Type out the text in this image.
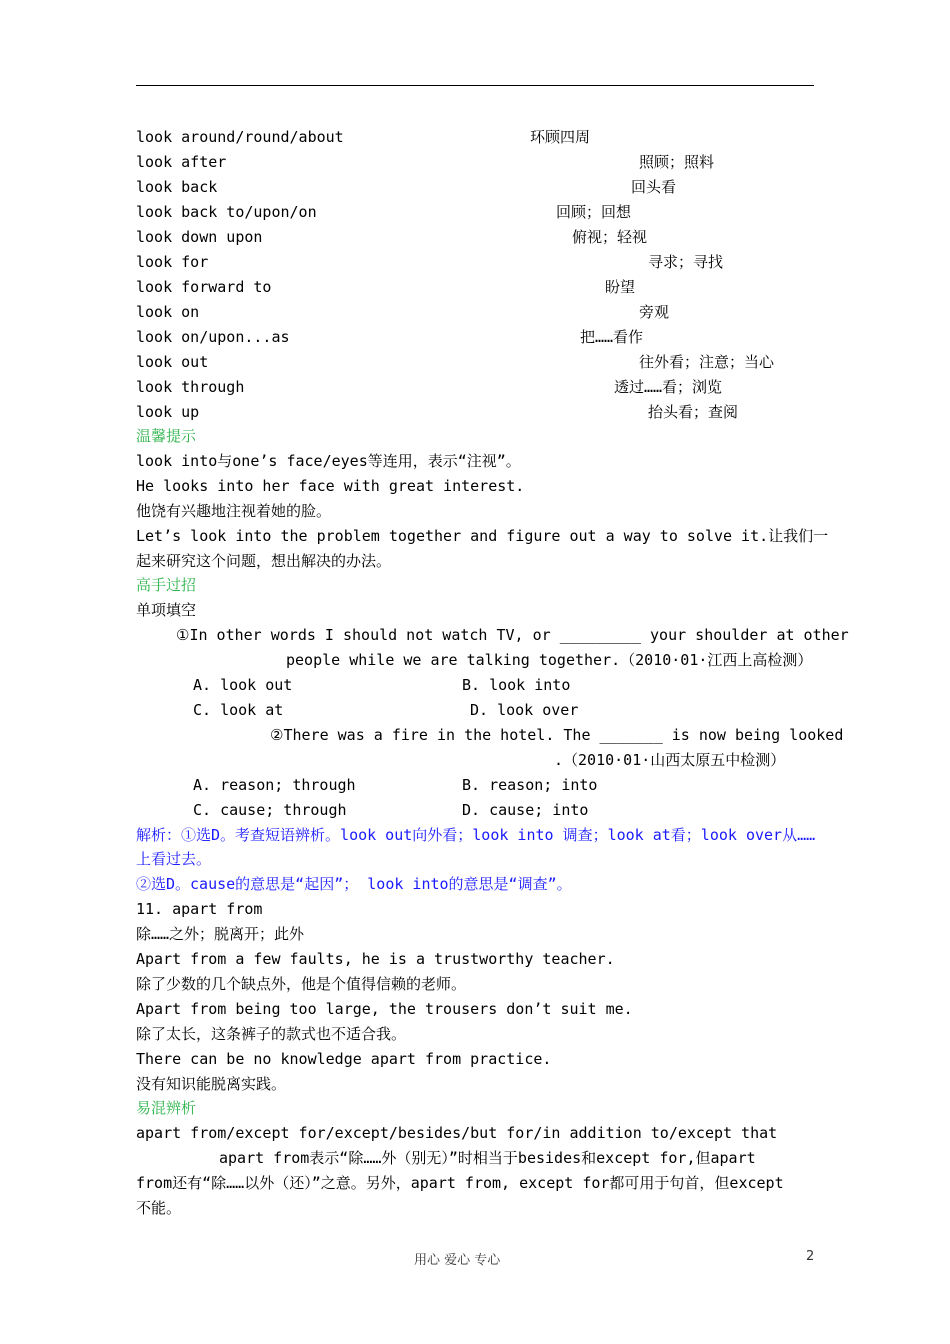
look around/round/about	环顾四周
look after	照顾；照料
look back	回头看
look back to/upon/on	回顾；回想
look down upon	俯视；轻视
look for	寻求；寻找
look forward to	盼望
look on	旁观
look on/upon...as	把……看作
look out	往外看；注意；当心
look through	透过……看；浏览
look up	抬头看；查阅
温馨提示
look into与one’s face/eyes等连用，表示“注视”。
He looks into her face with great interest.
他饶有兴趣地注视着她的脸。
Let’s look into the problem together and figure out a way to solve it.让我们一
起来研究这个问题，想出解决的办法。
高手过招
单项填空
①In other words I should not watch TV, or _________ your shoulder at other
people while we are talking together.（2010·01·江西上高检测）
A. look out	B. look into
C. look at	D. look over
②There was a fire in the hotel. The _______ is now being looked
.（2010·01·山西太原五中检测）
A. reason; through	B. reason; into
C. cause; through	D. cause; into
解析：①选D。考查短语辨析。look out向外看；look into 调查；look at看；look over从……
上看过去。
②选D。cause的意思是“起因”； look into的意思是“调查”。
11. apart from
除……之外；脱离开；此外
Apart from a few faults, he is a trustworthy teacher.
除了少数的几个缺点外，他是个值得信赖的老师。
Apart from being too large, the trousers don’t suit me.
除了太长，这条裤子的款式也不适合我。
There can be no knowledge apart from practice.
没有知识能脱离实践。
易混辨析
apart from/except for/except/besides/but for/in addition to/except that
apart from表示“除……外（别无）”时相当于besides和except for,但apart
from还有“除……以外（还）”之意。另外，apart from, except for都可用于句首，但except
不能。
用心 爱心 专心	2
